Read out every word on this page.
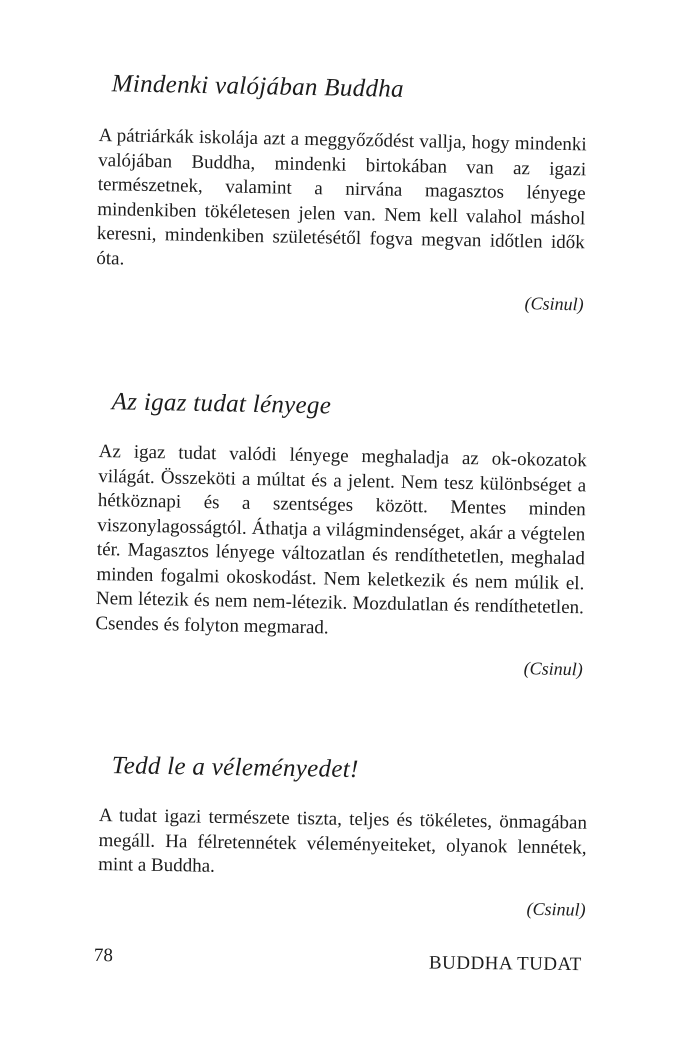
Mindenki valójában Buddha

A pátriárkák iskolája azt a meggyőződést vallja, hogy mindenki valójában Buddha, mindenki birtokában van az igazi természetnek, valamint a nirvána magasztos lényege mindenkiben tökéletesen jelen van. Nem kell valahol máshol keresni, mindenkiben születésétől fogva megvan időtlen idők óta.

(Csinul)

Az igaz tudat lényege

Az igaz tudat valódi lényege meghaladja az ok-okozatok világát. Összeköti a múltat és a jelent. Nem tesz különbséget a hétköznapi és a szentséges között. Mentes minden viszonylagosságtól. Áthatja a világmindenséget, akár a végtelen tér. Magasztos lényege változatlan és rendíthetetlen, meghalad minden fogalmi okoskodást. Nem keletkezik és nem múlik el. Nem létezik és nem nem-létezik. Mozdulatlan és rendíthetetlen. Csendes és folyton megmarad.

(Csinul)

Tedd le a véleményedet!

A tudat igazi természete tiszta, teljes és tökéletes, önmagában megáll. Ha félretennétek véleményeiteket, olyanok lennétek, mint a Buddha.

(Csinul)

78	BUDDHA TUDAT
